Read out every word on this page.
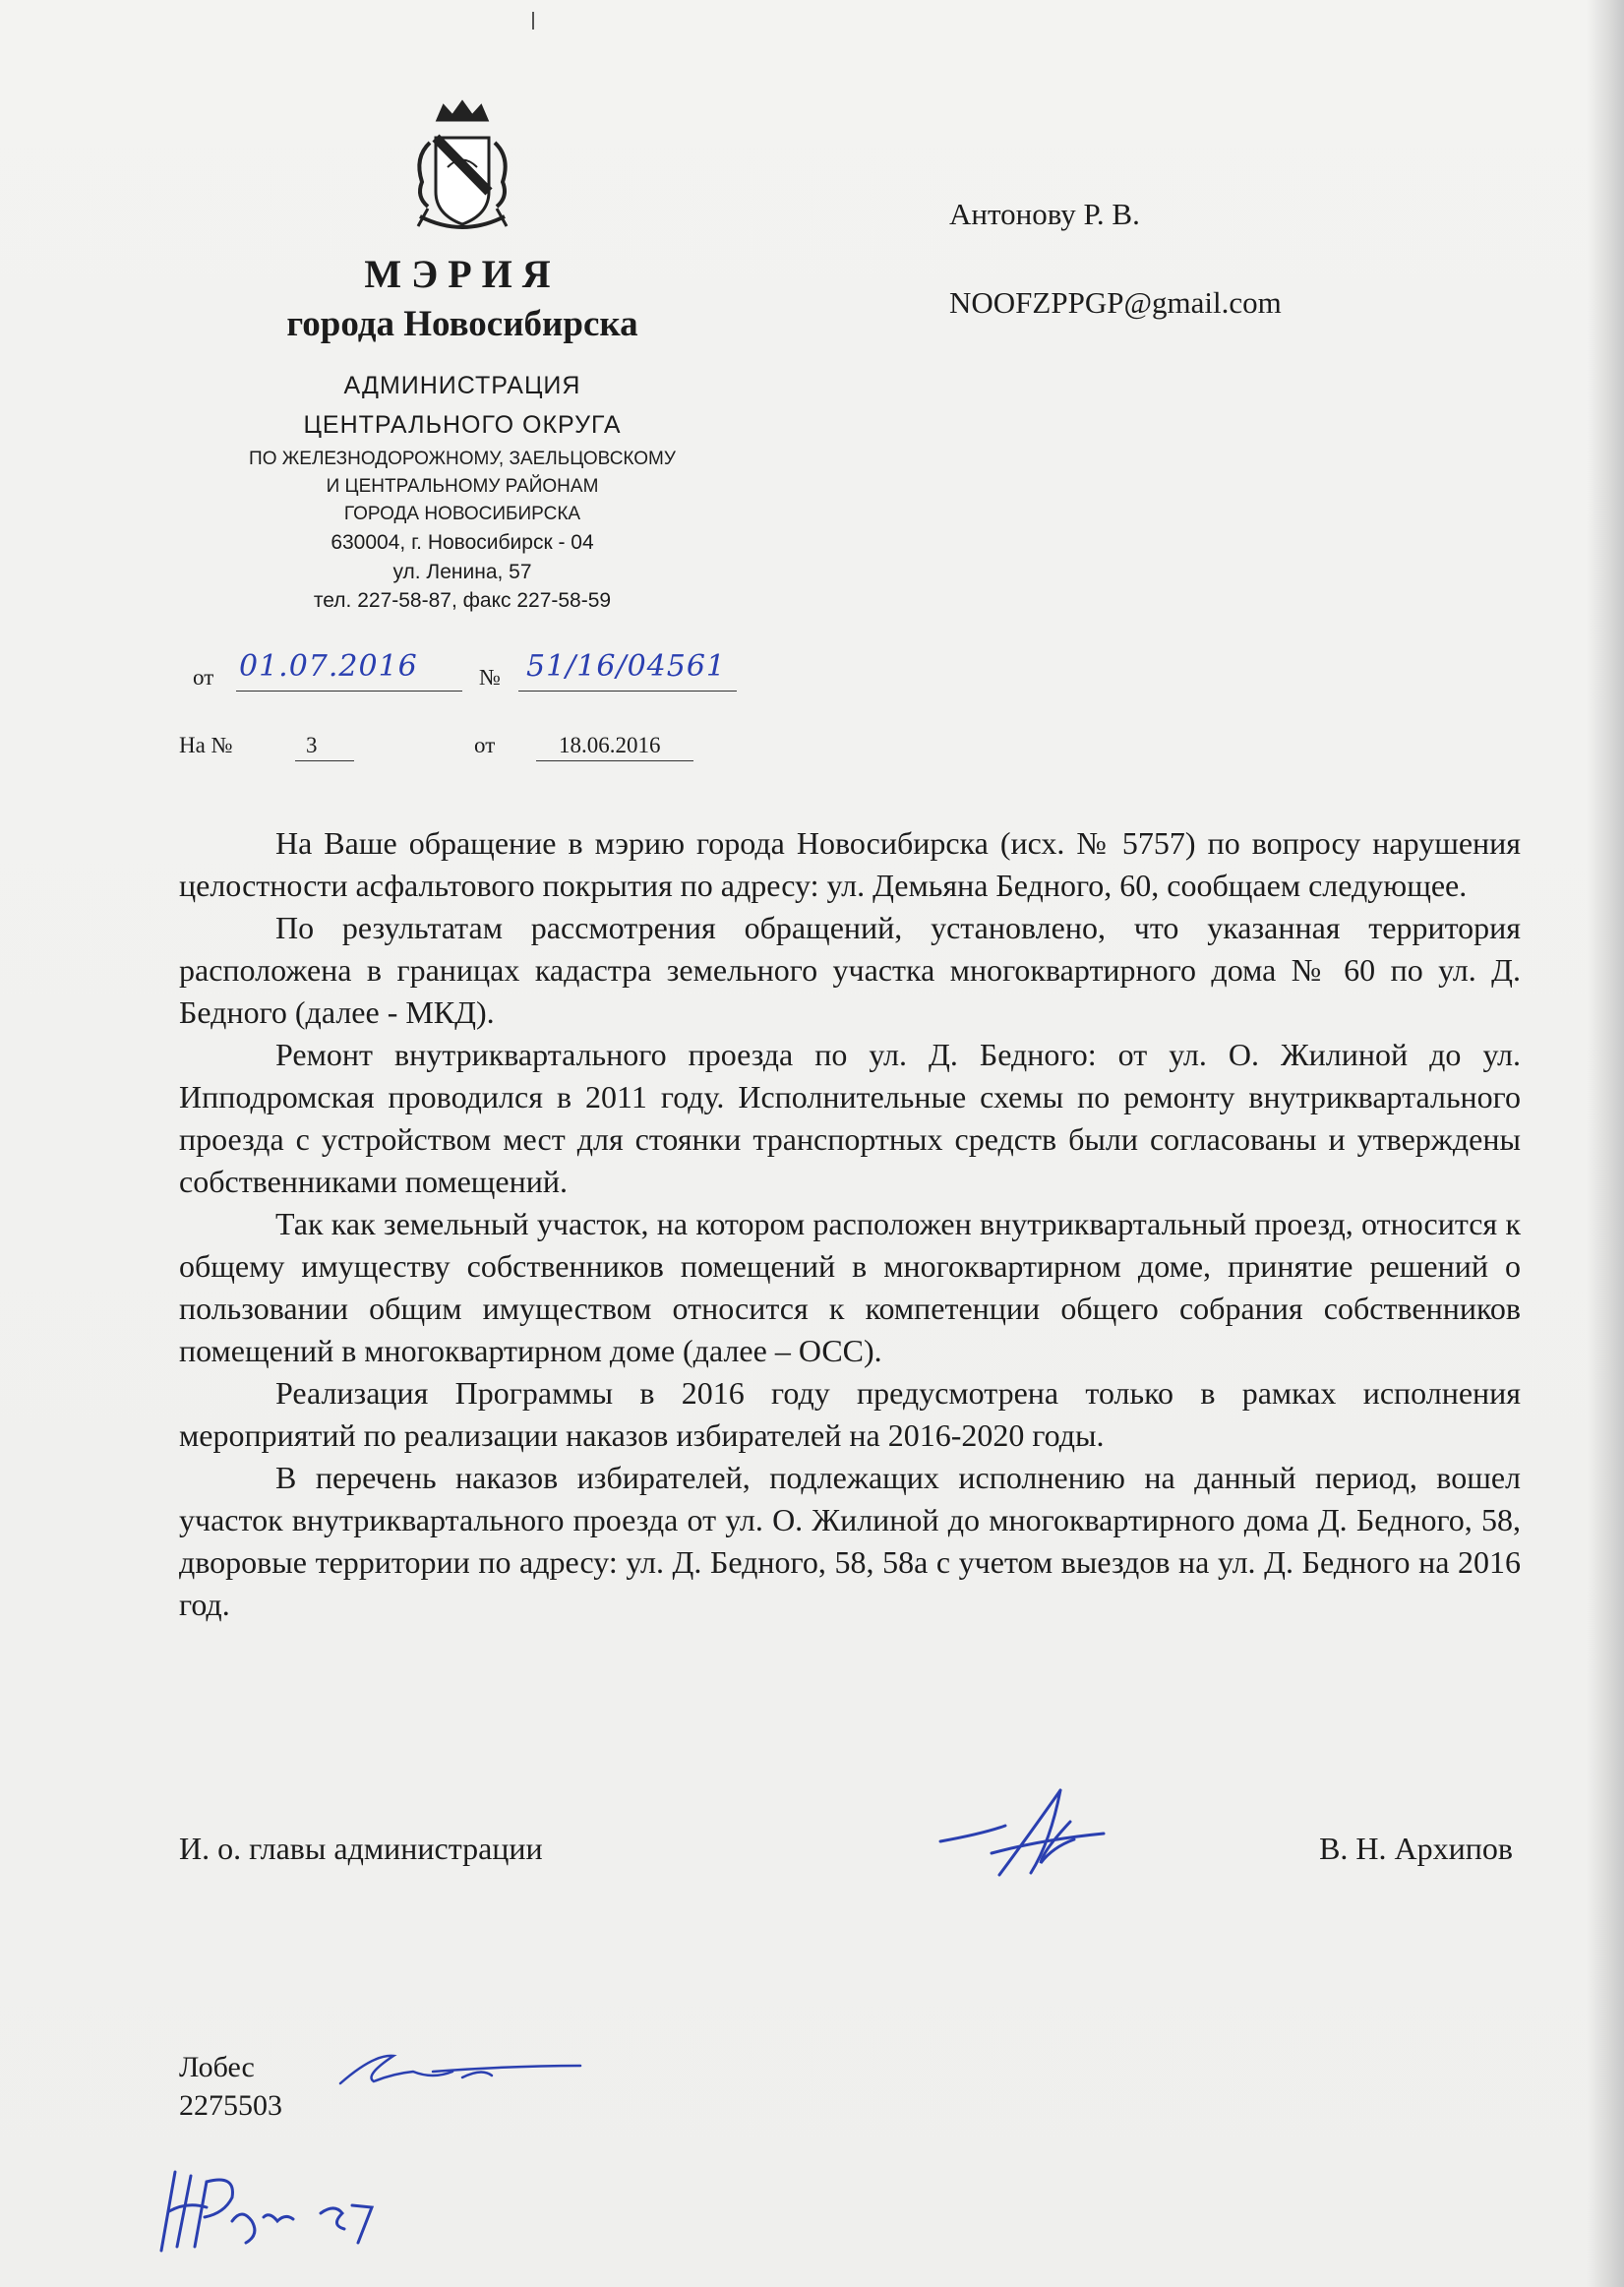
МЭРИЯ
города Новосибирска
АДМИНИСТРАЦИЯ
ЦЕНТРАЛЬНОГО ОКРУГА
ПО ЖЕЛЕЗНОДОРОЖНОМУ, ЗАЕЛЬЦОВСКОМУ
И ЦЕНТРАЛЬНОМУ РАЙОНАМ
ГОРОДА НОВОСИБИРСКА
630004, г. Новосибирск - 04
ул. Ленина, 57
тел. 227-58-87, факс 227-58-59
от 01.07.2016	№ 51/16/04561
На №	3	от	18.06.2016
Антонову Р. В.
NOOFZPPGP@gmail.com

На Ваше обращение в мэрию города Новосибирска (исх. № 5757) по вопросу нарушения целостности асфальтового покрытия по адресу: ул. Демьяна Бедного, 60, сообщаем следующее.

По результатам рассмотрения обращений, установлено, что указанная территория расположена в границах кадастра земельного участка многоквартирного дома № 60 по ул. Д. Бедного (далее - МКД).

Ремонт внутриквартального проезда по ул. Д. Бедного: от ул. О. Жилиной до ул. Ипподромская проводился в 2011 году. Исполнительные схемы по ремонту внутриквартального проезда с устройством мест для стоянки транспортных средств были согласованы и утверждены собственниками помещений.

Так как земельный участок, на котором расположен внутриквартальный проезд, относится к общему имуществу собственников помещений в многоквартирном доме, принятие решений о пользовании общим имуществом относится к компетенции общего собрания собственников помещений в многоквартирном доме (далее – ОСС).

Реализация Программы в 2016 году предусмотрена только в рамках исполнения мероприятий по реализации наказов избирателей на 2016-2020 годы.

В перечень наказов избирателей, подлежащих исполнению на данный период, вошел участок внутриквартального проезда от ул. О. Жилиной до многоквартирного дома Д. Бедного, 58, дворовые территории по адресу: ул. Д. Бедного, 58, 58а с учетом выездов на ул. Д. Бедного на 2016 год.

И. о. главы администрации	В. Н. Архипов
Лобес
2275503
